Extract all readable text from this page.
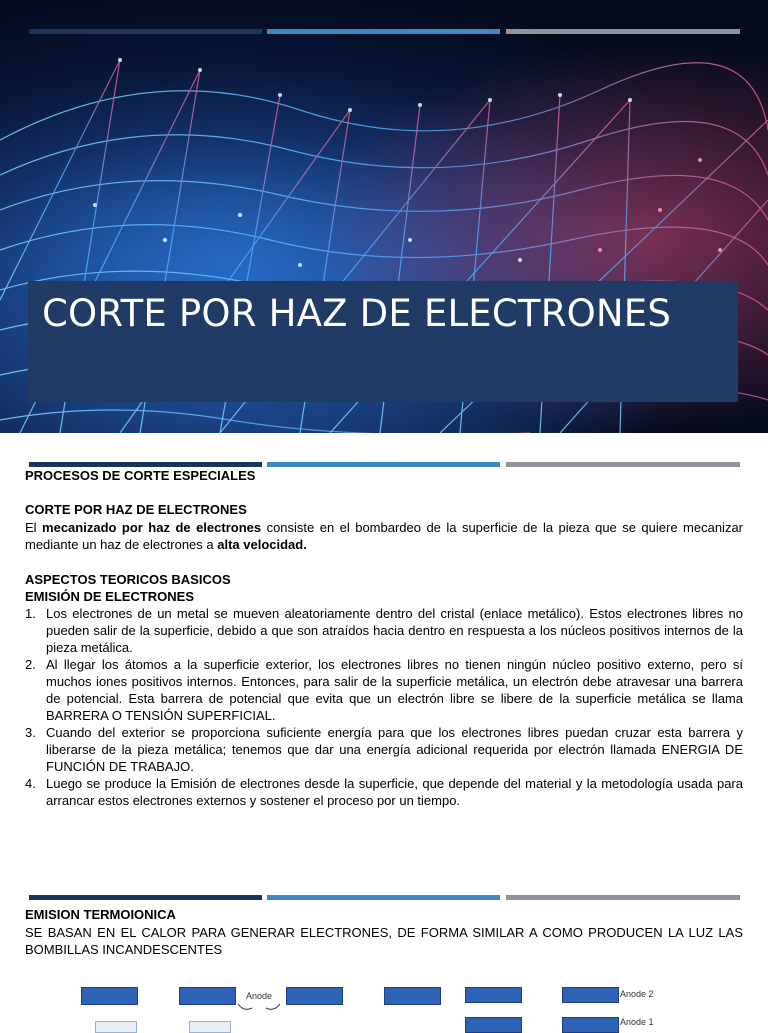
CORTE POR HAZ DE ELECTRONES
PROCESOS DE CORTE ESPECIALES
CORTE POR HAZ DE ELECTRONES
El mecanizado por haz de electrones consiste en el bombardeo de la superficie de la pieza que se quiere mecanizar mediante un haz de electrones a alta velocidad.
ASPECTOS TEORICOS BASICOS
EMISIÓN DE ELECTRONES
1. Los electrones de un metal se mueven aleatoriamente dentro del cristal (enlace metálico). Estos electrones libres no pueden salir de la superficie, debido a que son atraídos hacia dentro en respuesta a los núcleos positivos internos de la pieza metálica.
2. Al llegar los átomos a la superficie exterior, los electrones libres no tienen ningún núcleo positivo externo, pero sí muchos iones positivos internos. Entonces, para salir de la superficie metálica, un electrón debe atravesar una barrera de potencial. Esta barrera de potencial que evita que un electrón libre se libere de la superficie metálica se llama BARRERA O TENSIÓN SUPERFICIAL.
3. Cuando del exterior se proporciona suficiente energía para que los electrones libres puedan cruzar esta barrera y liberarse de la pieza metálica; tenemos que dar una energía adicional requerida por electrón llamada ENERGIA DE FUNCIÓN DE TRABAJO.
4. Luego se produce la Emisión de electrones desde la superficie, que depende del material y la metodología usada para arrancar estos electrones externos y sostener el proceso por un tiempo.
EMISION TERMOIONICA
SE BASAN EN EL CALOR PARA GENERAR ELECTRONES, DE FORMA SIMILAR A COMO PRODUCEN LA LUZ LAS BOMBILLAS INCANDESCENTES
Anode	Anode 2
Anode 1
